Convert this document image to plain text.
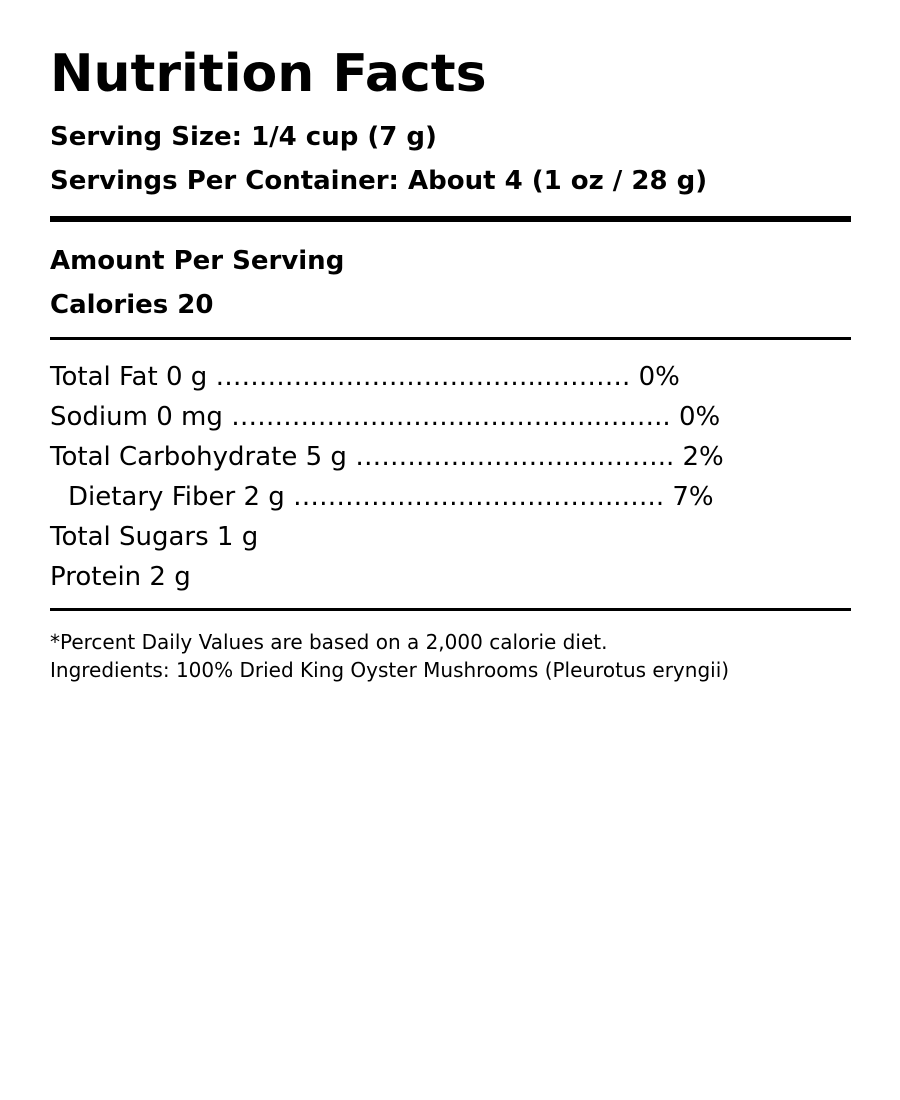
Nutrition Facts

Serving Size: 1/4 cup (7 g)

Servings Per Container: About 4 (1 oz / 28 g)

Amount Per Serving

Calories 20

Total Fat 0 g ………………………………..………. 0%

Sodium 0 mg ………………………..…………..…….. 0%

Total Carbohydrate 5 g ……………………..……….. 2%

Dietary Fiber 2 g ………………………………..….. 7%

Total Sugars 1 g

Protein 2 g

*Percent Daily Values are based on a 2,000 calorie diet.

Ingredients: 100% Dried King Oyster Mushrooms (Pleurotus eryngii)
